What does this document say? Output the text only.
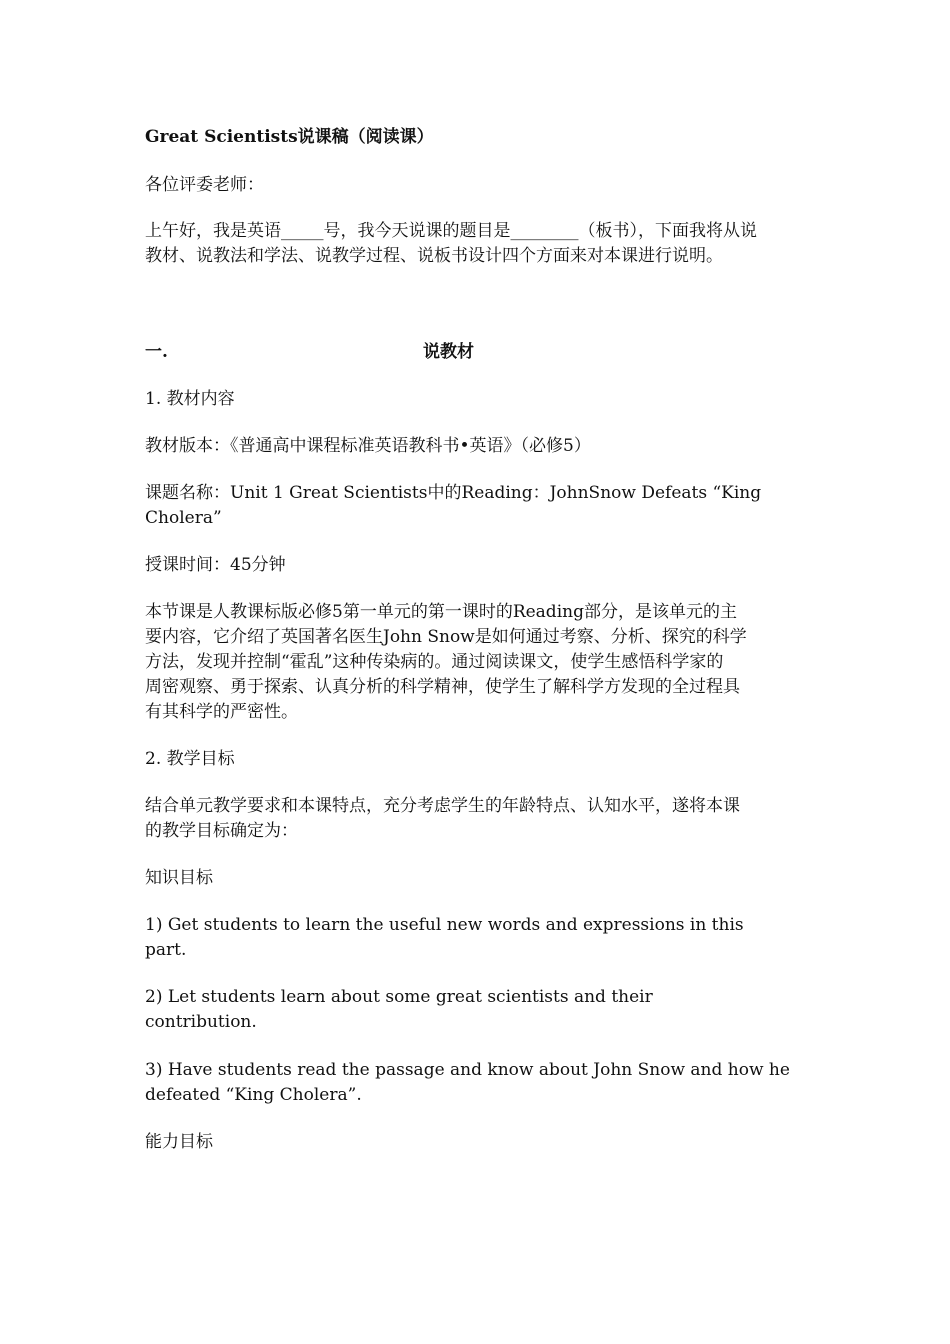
Great Scientists说课稿（阅读课）

各位评委老师：

上午好，我是英语_____号，我今天说课的题目是________（板书），下面我将从说

教材、说教法和学法、说教学过程、说板书设计四个方面来对本课进行说明。

一.	说教材

1. 教材内容

教材版本：《普通高中课程标准英语教科书•英语》（必修5）

课题名称：Unit 1 Great Scientists中的Reading：JohnSnow Defeats “King

Cholera”

授课时间：45分钟

本节课是人教课标版必修5第一单元的第一课时的Reading部分，是该单元的主

要内容，它介绍了英国著名医生John Snow是如何通过考察、分析、探究的科学

方法，发现并控制“霍乱”这种传染病的。通过阅读课文，使学生感悟科学家的

周密观察、勇于探索、认真分析的科学精神，使学生了解科学方发现的全过程具

有其科学的严密性。

2. 教学目标

结合单元教学要求和本课特点，充分考虑学生的年龄特点、认知水平，遂将本课

的教学目标确定为：

知识目标

1) Get students to learn the useful new words and expressions in this

part.

2) Let students learn about some great scientists and their

contribution.

3) Have students read the passage and know about John Snow and how he

defeated “King Cholera”.

能力目标
